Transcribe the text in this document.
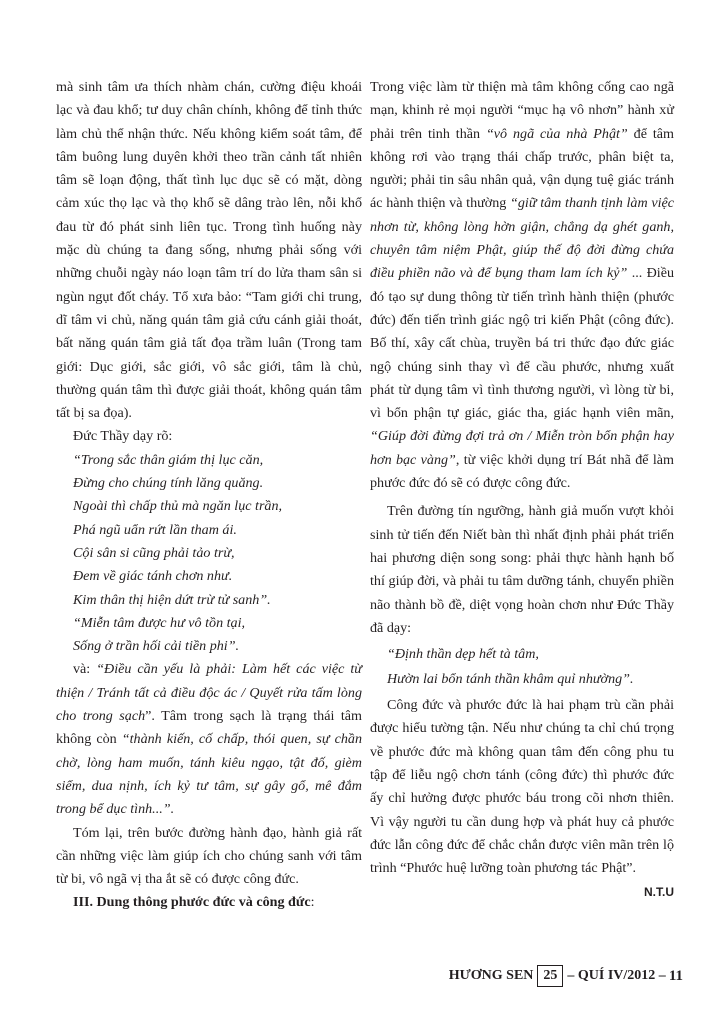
mà sinh tâm ưa thích nhàm chán, cường điệu khoái lạc và đau khổ; tư duy chân chính, không để tỉnh thức làm chủ thể nhận thức. Nếu không kiểm soát tâm, để tâm buông lung duyên khởi theo trần cảnh tất nhiên tâm sẽ loạn động, thất tình lục dục sẽ có mặt, dòng cảm xúc thọ lạc và thọ khổ sẽ dâng trào lên, nỗi khổ đau từ đó phát sinh liên tục. Trong tình huống này mặc dù chúng ta đang sống, nhưng phải sống với những chuỗi ngày náo loạn tâm trí do lửa tham sân si ngùn ngụt đốt cháy. Tổ xưa bảo: “Tam giới chi trung, dĩ tâm vi chủ, năng quán tâm giả cứu cánh giải thoát, bất năng quán tâm giả tất đọa trầm luân (Trong tam giới: Dục giới, sắc giới, vô sắc giới, tâm là chủ, thường quán tâm thì được giải thoát, không quán tâm tất bị sa đọa).

Đức Thầy dạy rõ:

“Trong sắc thân giám thị lục căn,

Đừng cho chúng tính lăng quăng.

Ngoài thì chấp thủ mà ngăn lục trần,

Phá ngũ uẩn rứt lần tham ái.

Cội sân si cũng phải tảo trừ,

Đem về giác tánh chơn như.

Kim thân thị hiện dứt trừ tử sanh”.

“Miễn tâm được hư vô tồn tại,

Sống ở trần hối cải tiền phi”.

và: “Điều cần yếu là phải: Làm hết các việc từ thiện / Tránh tất cả điều độc ác / Quyết rửa tấm lòng cho trong sạch”. Tâm trong sạch là trạng thái tâm không còn “thành kiến, cố chấp, thói quen, sự chần chờ, lòng ham muốn, tánh kiêu ngạo, tật đố, gièm siểm, dua nịnh, ích kỷ tư tâm, sự gây gổ, mê đắm trong bể dục tình...”.

Tóm lại, trên bước đường hành đạo, hành giả rất cần những việc làm giúp ích cho chúng sanh với tâm từ bi, vô ngã vị tha ắt sẽ có được công đức.

III. Dung thông phước đức và công đức:

Trong việc làm từ thiện mà tâm không cống cao ngã mạn, khinh rẻ mọi người “mục hạ vô nhơn” hành xử phải trên tinh thần “vô ngã của nhà Phật” để tâm không rơi vào trạng thái chấp trước, phân biệt ta, người; phải tin sâu nhân quả, vận dụng tuệ giác tránh ác hành thiện và thường “giữ tâm thanh tịnh làm việc nhơn từ, không lòng hờn giận, chẳng dạ ghét ganh, chuyên tâm niệm Phật, giúp thế độ đời đừng chứa điều phiền não và để bụng tham lam ích kỷ” ... Điều đó tạo sự dung thông từ tiến trình hành thiện (phước đức) đến tiến trình giác ngộ tri kiến Phật (công đức). Bố thí, xây cất chùa, truyền bá tri thức đạo đức giác ngộ chúng sinh thay vì để cầu phước, nhưng xuất phát từ dụng tâm vì tình thương người, vì lòng từ bi, vì bổn phận tự giác, giác tha, giác hạnh viên mãn, “Giúp đời đừng đợi trả ơn / Miễn tròn bổn phận hay hơn bạc vàng”, từ việc khởi dụng trí Bát nhã để làm phước đức đó sẽ có được công đức.

Trên đường tín ngưỡng, hành giả muốn vượt khỏi sinh tử tiến đến Niết bàn thì nhất định phải phát triển hai phương diện song song: phải thực hành hạnh bố thí giúp đời, và phải tu tâm dưỡng tánh, chuyển phiền não thành bồ đề, diệt vọng hoàn chơn như Đức Thầy đã dạy:

“Định thần dẹp hết tà tâm,

Hườn lai bổn tánh thần khâm quỉ nhường”.

Công đức và phước đức là hai phạm trù cần phải được hiểu tường tận. Nếu như chúng ta chỉ chú trọng về phước đức mà không quan tâm đến công phu tu tập để liễu ngộ chơn tánh (công đức) thì phước đức ấy chỉ hưởng được phước báu trong cõi nhơn thiên. Vì vậy người tu cần dung hợp và phát huy cả phước đức lẫn công đức để chắc chắn được viên mãn trên lộ trình “Phước huệ lưỡng toàn phương tác Phật”.

N.T.U

HƯƠNG SEN 25 – QUÍ IV/2012 – 11
